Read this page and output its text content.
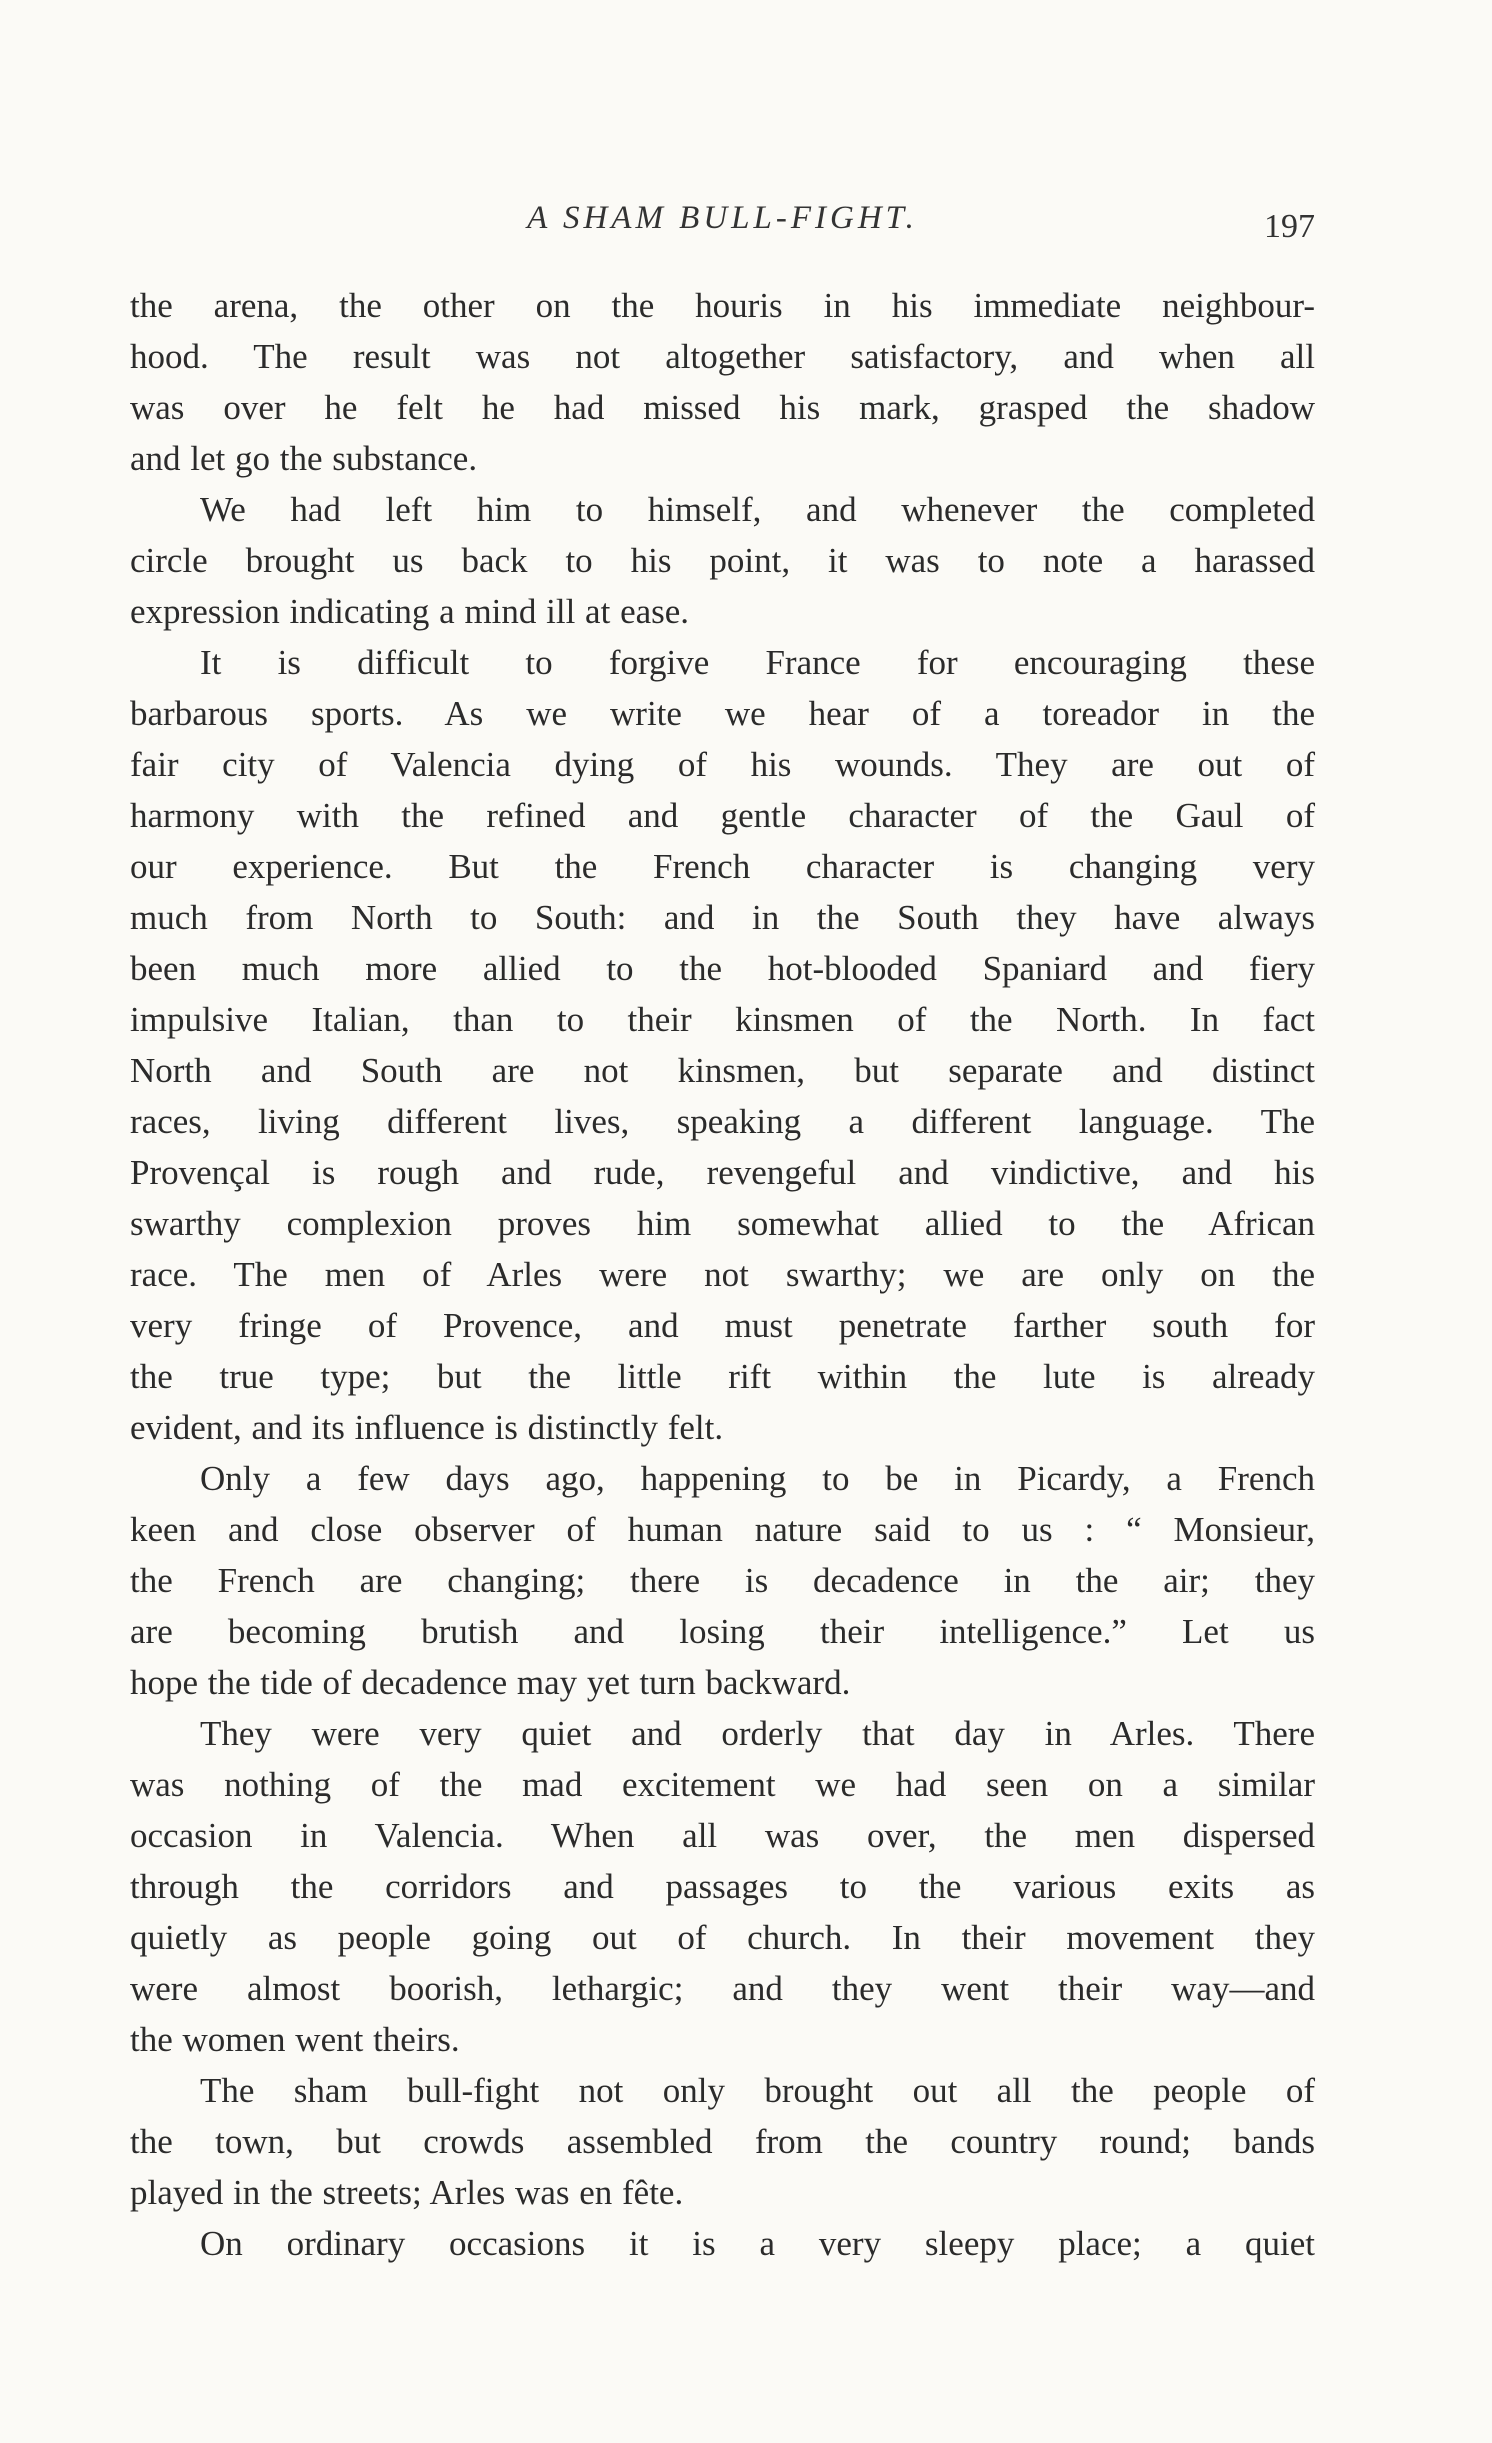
A SHAM BULL-FIGHT.	197
the arena, the other on the houris in his immediate neighbour-
hood. The result was not altogether satisfactory, and when all
was over he felt he had missed his mark, grasped the shadow
and let go the substance.
We had left him to himself, and whenever the completed
circle brought us back to his point, it was to note a harassed
expression indicating a mind ill at ease.
It is difficult to forgive France for encouraging these
barbarous sports. As we write we hear of a toreador in the
fair city of Valencia dying of his wounds. They are out of
harmony with the refined and gentle character of the Gaul of
our experience. But the French character is changing very
much from North to South: and in the South they have always
been much more allied to the hot-blooded Spaniard and fiery
impulsive Italian, than to their kinsmen of the North. In fact
North and South are not kinsmen, but separate and distinct
races, living different lives, speaking a different language. The
Provençal is rough and rude, revengeful and vindictive, and his
swarthy complexion proves him somewhat allied to the African
race. The men of Arles were not swarthy; we are only on the
very fringe of Provence, and must penetrate farther south for
the true type; but the little rift within the lute is already
evident, and its influence is distinctly felt.
Only a few days ago, happening to be in Picardy, a French
keen and close observer of human nature said to us : “ Monsieur,
the French are changing; there is decadence in the air; they
are becoming brutish and losing their intelligence.” Let us
hope the tide of decadence may yet turn backward.
They were very quiet and orderly that day in Arles. There
was nothing of the mad excitement we had seen on a similar
occasion in Valencia. When all was over, the men dispersed
through the corridors and passages to the various exits as
quietly as people going out of church. In their movement they
were almost boorish, lethargic; and they went their way—and
the women went theirs.
The sham bull-fight not only brought out all the people of
the town, but crowds assembled from the country round; bands
played in the streets; Arles was en fête.
On ordinary occasions it is a very sleepy place; a quiet
